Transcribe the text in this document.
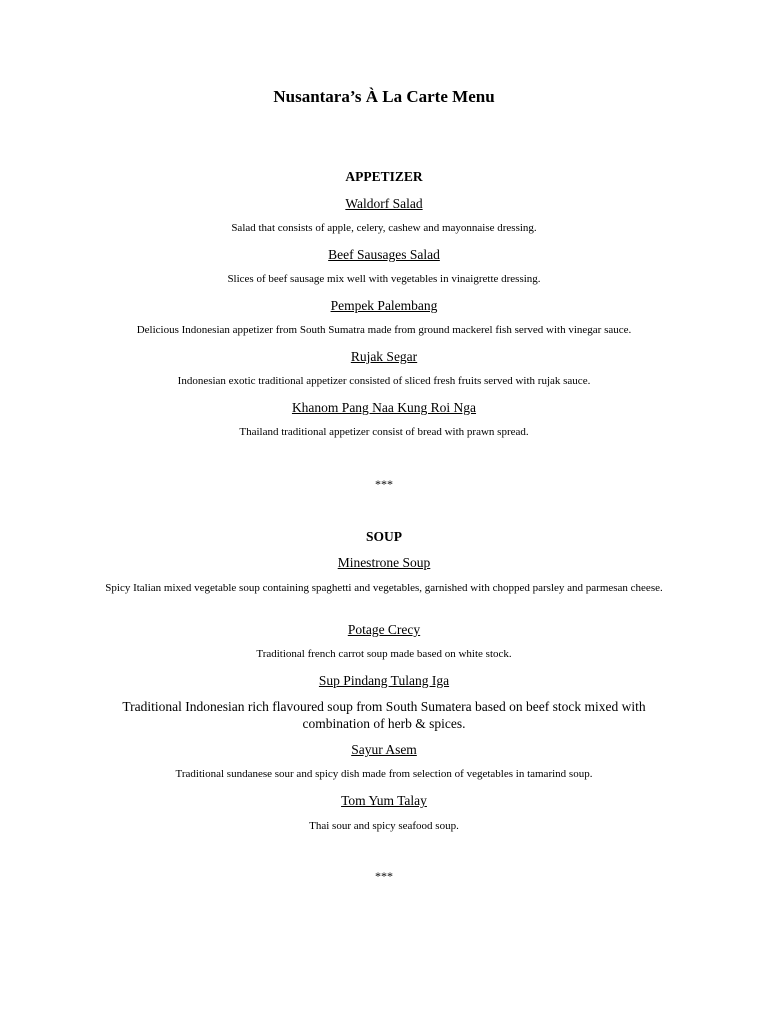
Nusantara’s À La Carte Menu

APPETIZER

Waldorf Salad

Salad that consists of apple, celery, cashew and mayonnaise dressing.

Beef Sausages Salad

Slices of beef sausage mix well with vegetables in vinaigrette dressing.

Pempek Palembang

Delicious Indonesian appetizer from South Sumatra made from ground mackerel fish served with vinegar sauce.

Rujak Segar

Indonesian exotic traditional appetizer consisted of sliced fresh fruits served with rujak sauce.

Khanom Pang Naa Kung Roi Nga

Thailand traditional appetizer consist of bread with prawn spread.

***

SOUP

Minestrone Soup

Spicy Italian mixed vegetable soup containing spaghetti and vegetables, garnished with chopped parsley and parmesan cheese.

Potage Crecy

Traditional french carrot soup made based on white stock.

Sup Pindang Tulang Iga

Traditional Indonesian rich flavoured soup from South Sumatera based on beef stock mixed with combination of herb & spices.

Sayur Asem

Traditional sundanese sour and spicy dish made from selection of vegetables in tamarind soup.

Tom Yum Talay

Thai sour and spicy seafood soup.

***
